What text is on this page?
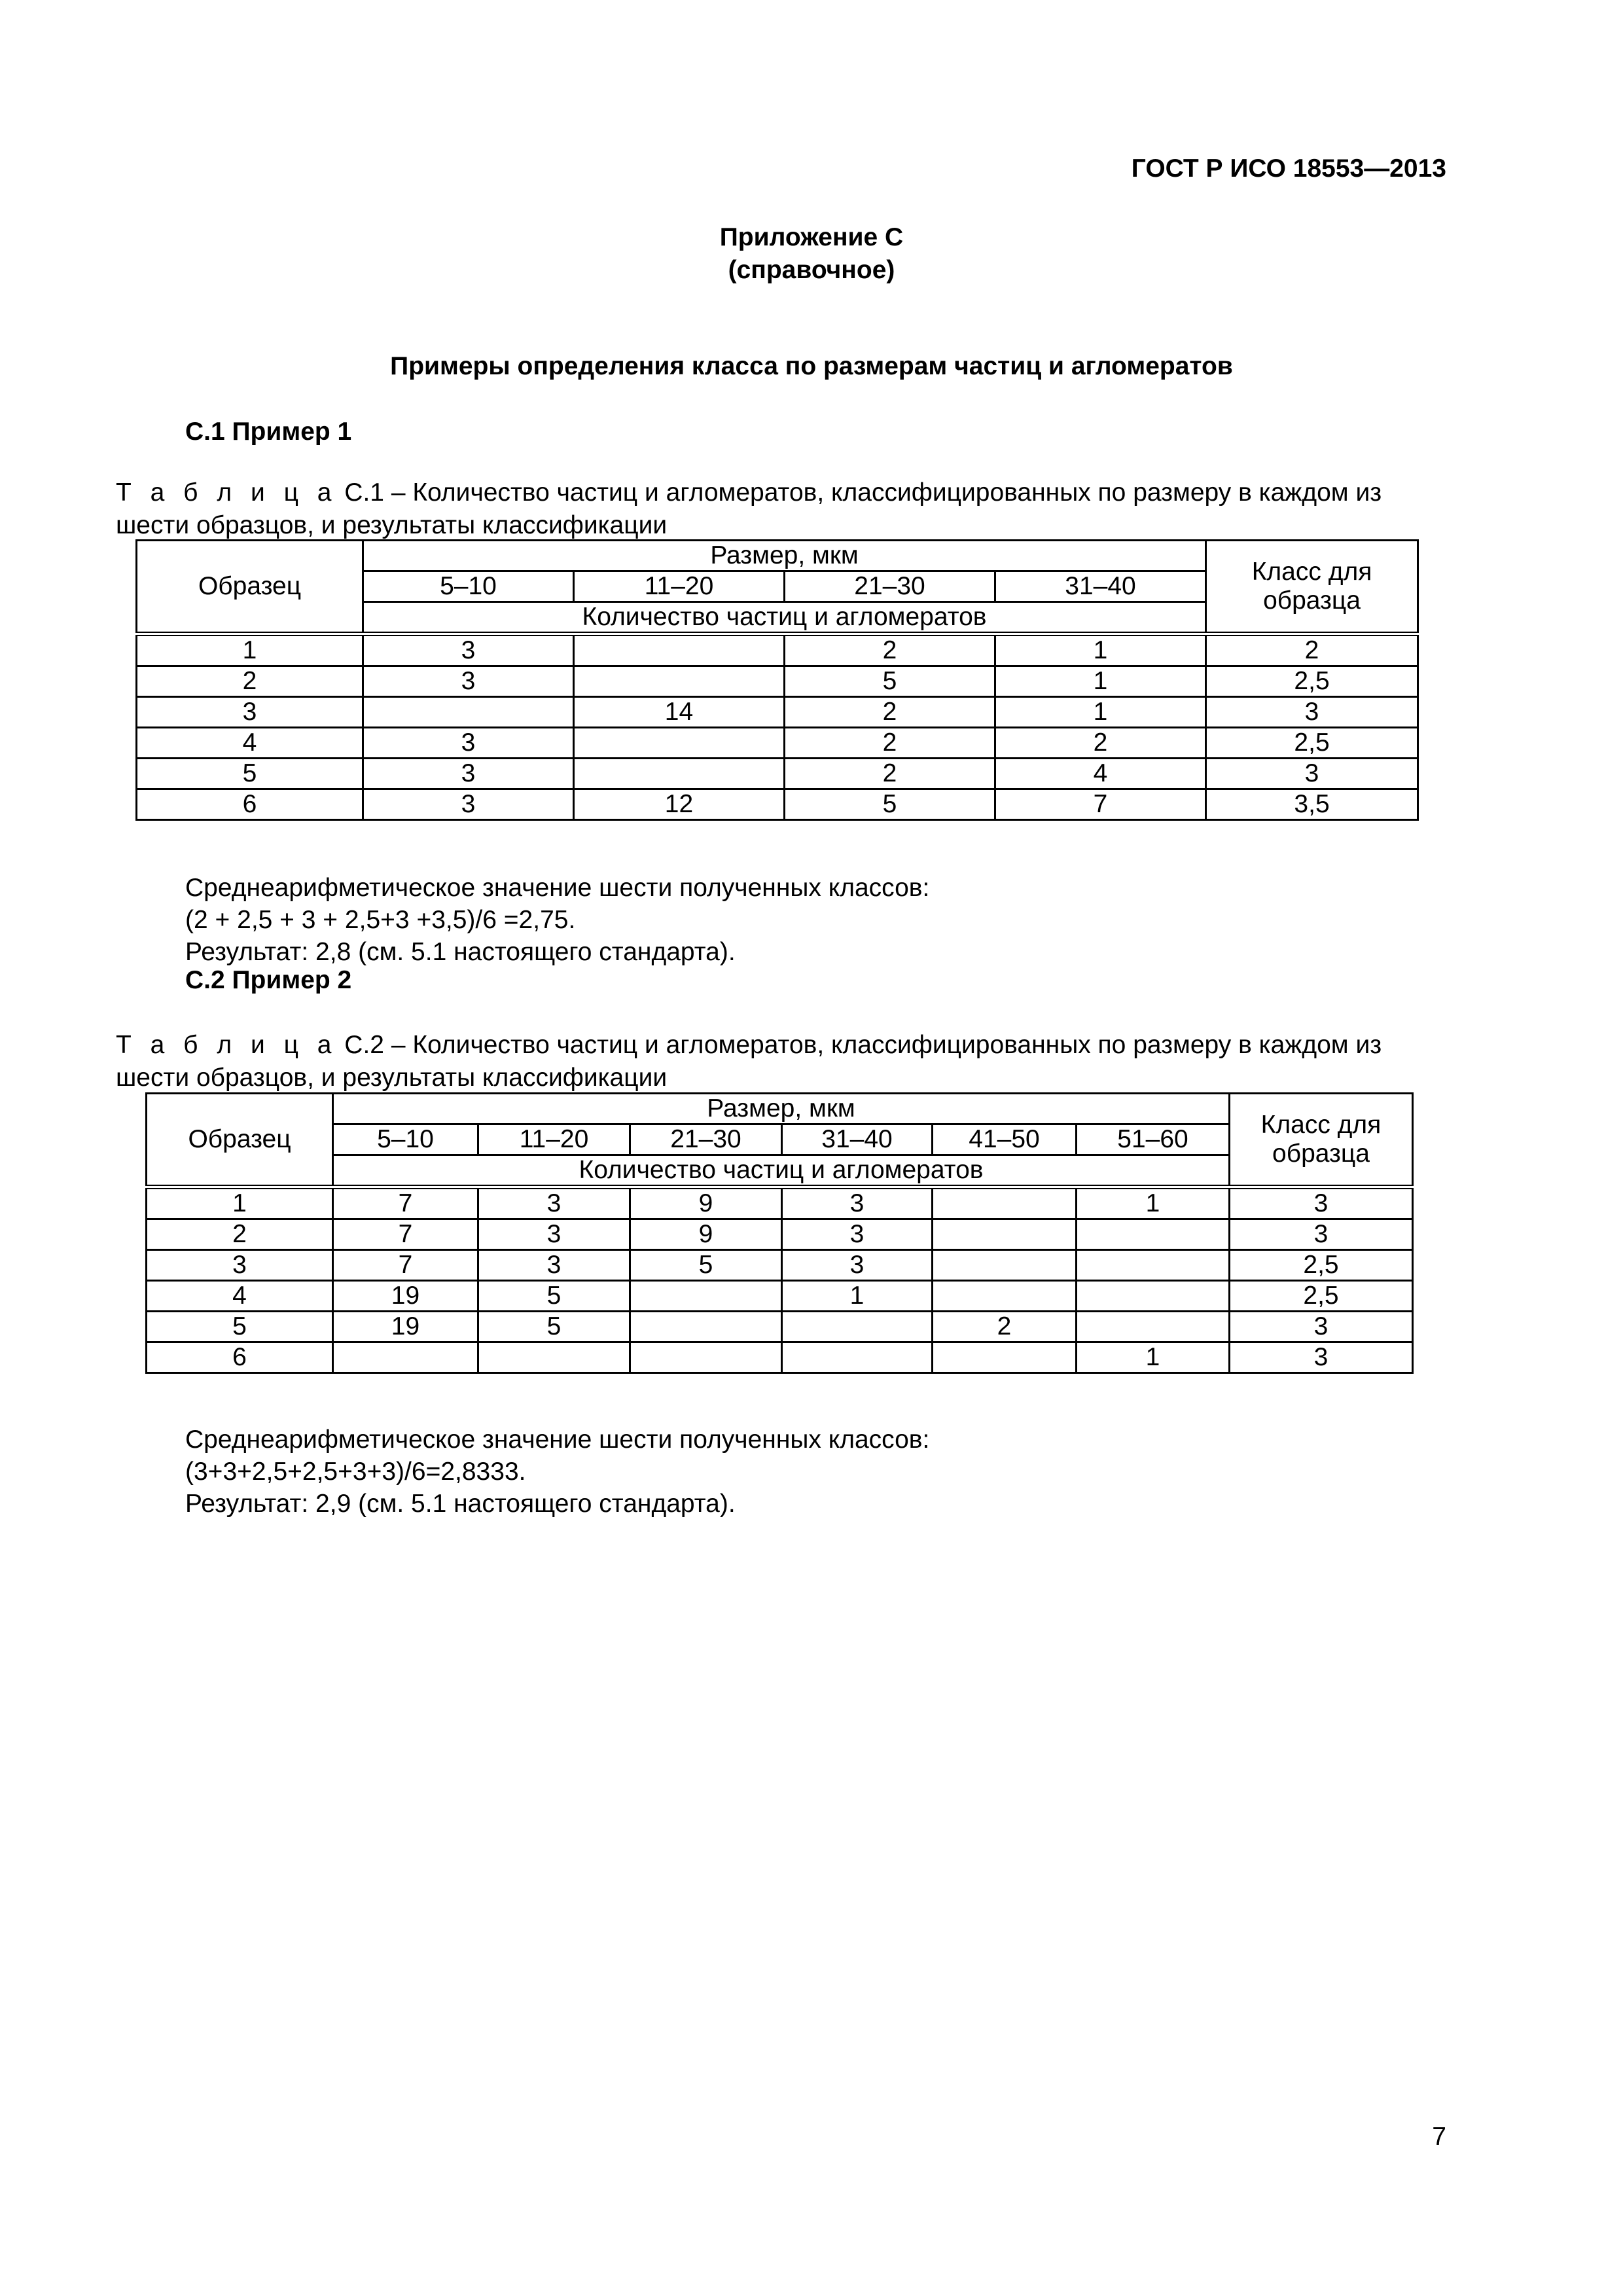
ГОСТ Р ИСО 18553—2013
Приложение С
(справочное)
Примеры определения класса по размерам частиц и агломератов
С.1 Пример 1
Т а б л и ц а С.1 – Количество частиц и агломератов, классифицированных по размеру в каждом из
шести образцов, и результаты классификации
Образец	Размер, мкм				Класс для
образца
	5–10	11–20	21–30	31–40	
	Количество частиц и агломератов				
1	3		2	1	2
2	3		5	1	2,5
3		14	2	1	3
4	3		2	2	2,5
5	3		2	4	3
6	3	12	5	7	3,5
Среднеарифметическое значение шести полученных классов:
(2 + 2,5 + 3 + 2,5+3 +3,5)/6 =2,75.
Результат: 2,8 (см. 5.1 настоящего стандарта).
С.2 Пример 2
Т а б л и ц а С.2 – Количество частиц и агломератов, классифицированных по размеру в каждом из
шести образцов, и результаты классификации
Образец	Размер, мкм						Класс для
образца
	5–10	11–20	21–30	31–40	41–50	51–60	
	Количество частиц и агломератов						
1	7	3	9	3		1	3
2	7	3	9	3			3
3	7	3	5	3			2,5
4	19	5		1			2,5
5	19	5			2		3
6						1	3
Среднеарифметическое значение шести полученных классов:
(3+3+2,5+2,5+3+3)/6=2,8333.
Результат: 2,9 (см. 5.1 настоящего стандарта).
7
